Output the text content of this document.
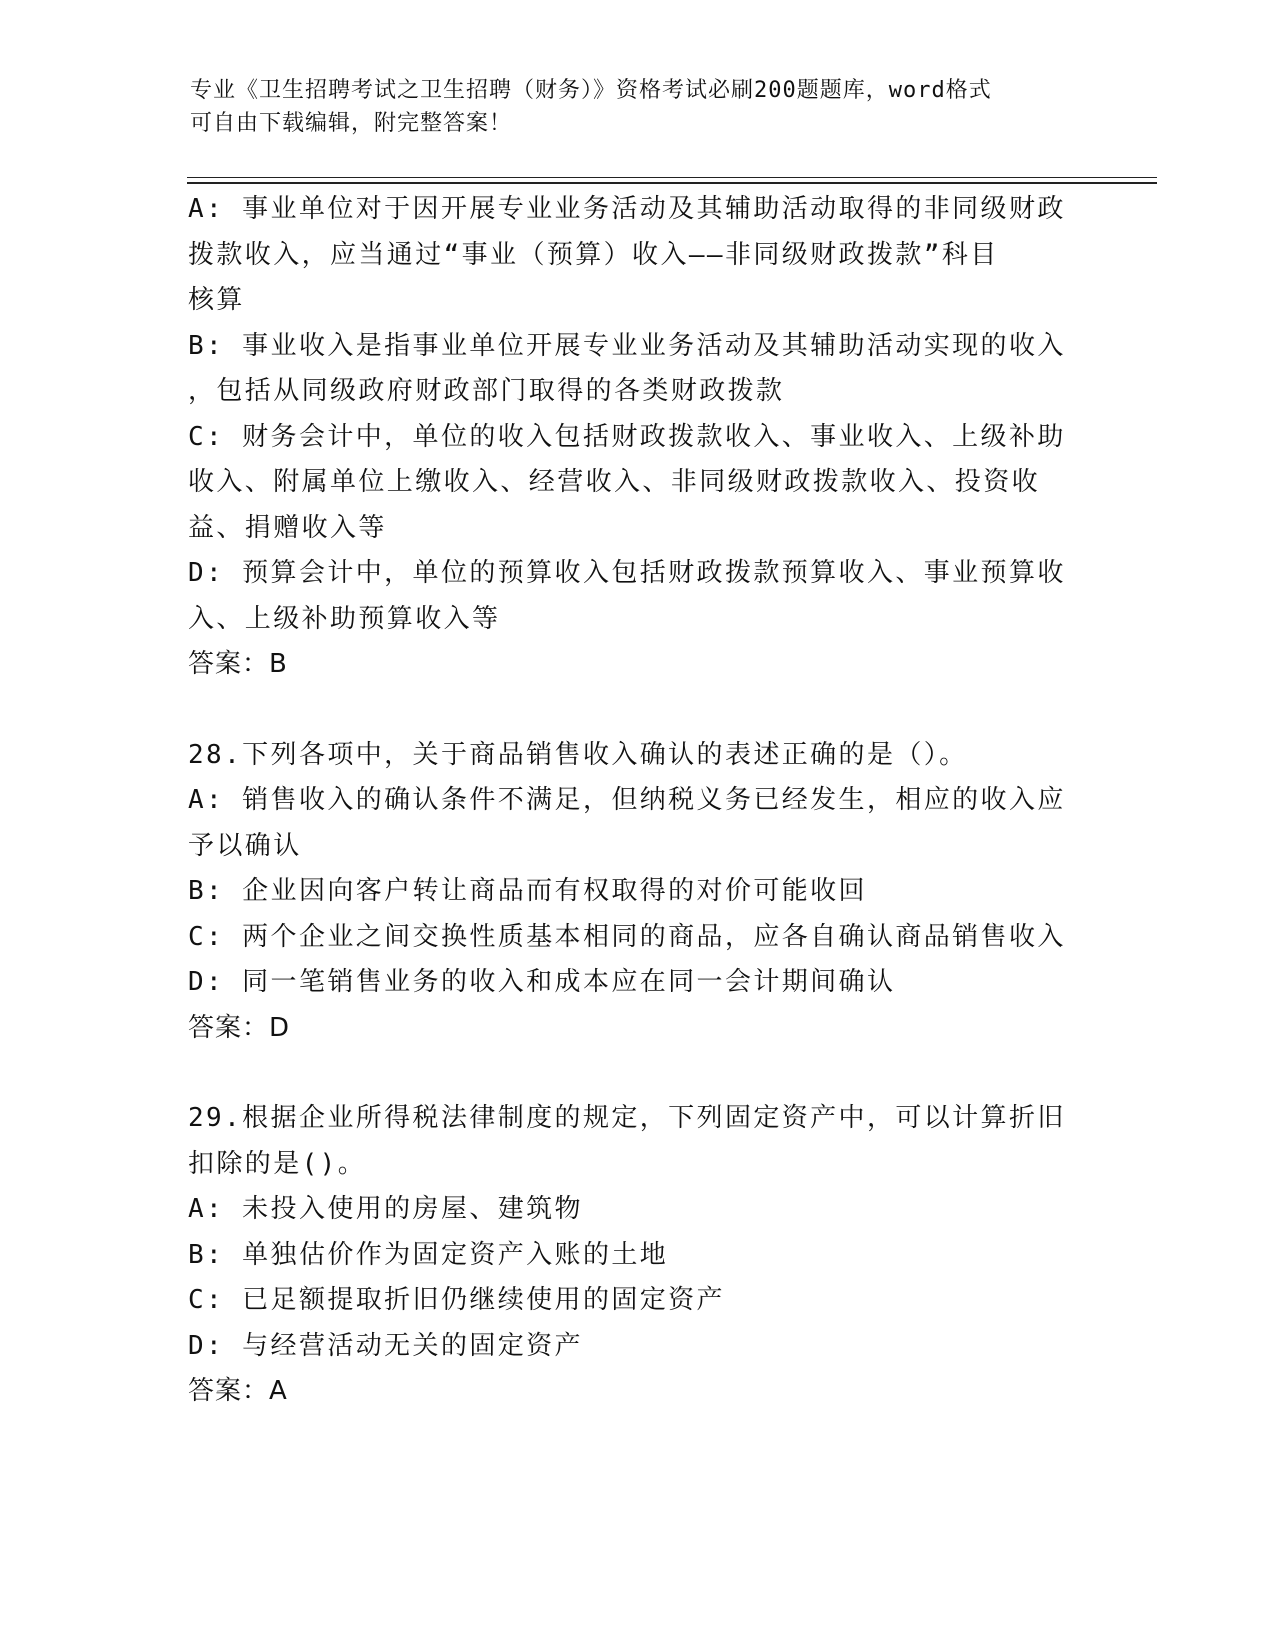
专业《卫生招聘考试之卫生招聘（财务）》资格考试必刷200题题库，word格式
可自由下载编辑，附完整答案！
A: 事业单位对于因开展专业业务活动及其辅助活动取得的非同级财政
拨款收入，应当通过“事业（预算）收入——非同级财政拨款”科目
核算
B: 事业收入是指事业单位开展专业业务活动及其辅助活动实现的收入
，包括从同级政府财政部门取得的各类财政拨款
C: 财务会计中，单位的收入包括财政拨款收入、事业收入、上级补助
收入、附属单位上缴收入、经营收入、非同级财政拨款收入、投资收
益、捐赠收入等
D: 预算会计中，单位的预算收入包括财政拨款预算收入、事业预算收
入、上级补助预算收入等
答案：B
28.下列各项中，关于商品销售收入确认的表述正确的是（）。
A: 销售收入的确认条件不满足，但纳税义务已经发生，相应的收入应
予以确认
B: 企业因向客户转让商品而有权取得的对价可能收回
C: 两个企业之间交换性质基本相同的商品，应各自确认商品销售收入
D: 同一笔销售业务的收入和成本应在同一会计期间确认
答案：D
29.根据企业所得税法律制度的规定，下列固定资产中，可以计算折旧
扣除的是()。
A: 未投入使用的房屋、建筑物
B: 单独估价作为固定资产入账的土地
C: 已足额提取折旧仍继续使用的固定资产
D: 与经营活动无关的固定资产
答案：A
